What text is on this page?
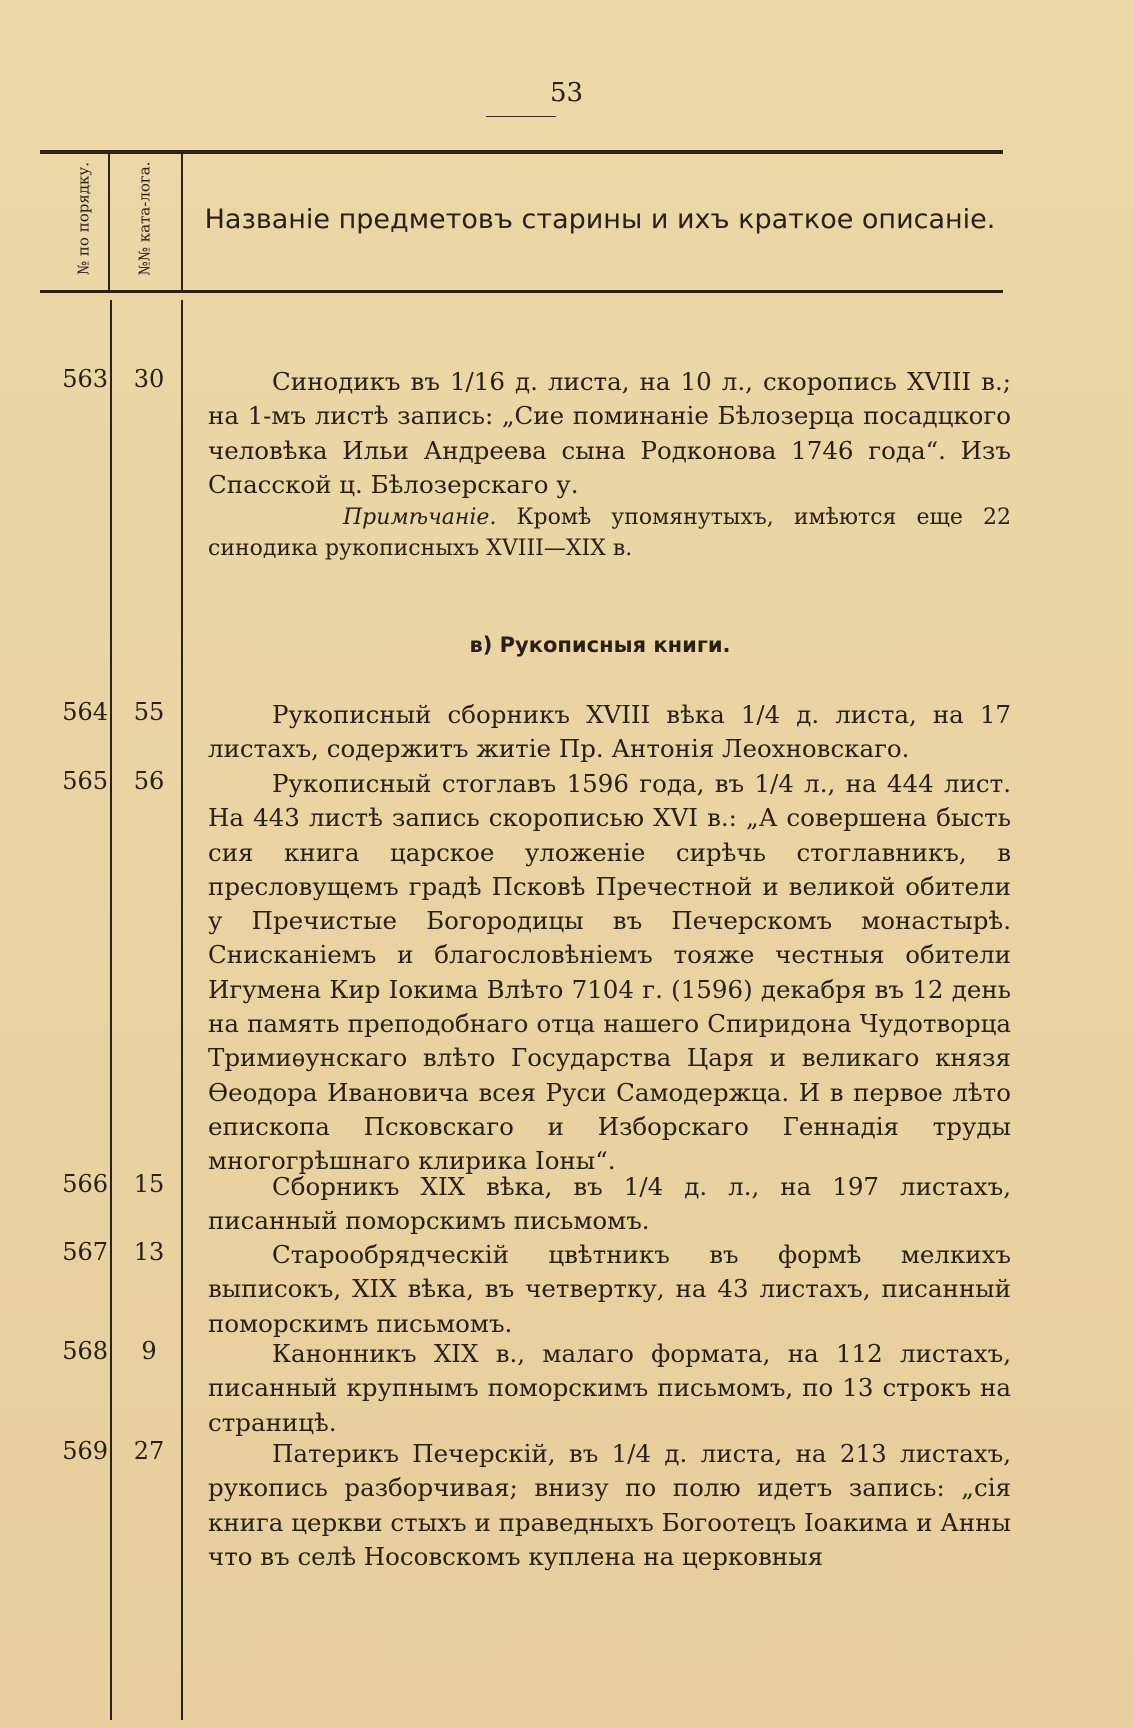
53
№ по порядку.	№№ ката-лога.	Названіе предметовъ старины и ихъ краткое описаніе.
563	30	Синодикъ въ 1/16 д. листа, на 10 л., скоропись XVIII в.; на 1-мъ листѣ запись: „Сие поминаніе Бѣлозерца посадцкого человѣка Ильи Андреева сына Родконова 1746 года“. Изъ Спасской ц. Бѣлозерскаго у.
Примѣчаніе. Кромѣ упомянутыхъ, имѣются еще 22 синодика рукописныхъ XVIII—XIX в.
в) Рукописныя книги.
564	55	Рукописный сборникъ XVIII вѣка 1/4 д. листа, на 17 листахъ, содержитъ житіе Пр. Антонія Леохновскаго.
565	56	Рукописный стоглавъ 1596 года, въ 1/4 л., на 444 лист. На 443 листѣ запись скорописью XVI в.: „А совершена бысть сия книга царское уложеніе сирѣчь стоглавникъ, в пресловущемъ градѣ Псковѣ Пречестной и великой обители у Пречистые Богородицы въ Печерскомъ монастырѣ. Снисканіемъ и благословѣніемъ тояже честныя обители Игумена Кир Іокима Влѣто 7104 г. (1596) декабря въ 12 день на память преподобнаго отца нашего Спиридона Чудотворца Тримиѳунскаго влѣто Государства Царя и великаго князя Ѳеодора Ивановича всея Руси Самодержца. И в первое лѣто епископа Псковскаго и Изборскаго Геннадія труды многогрѣшнаго клирика Іоны“.
566	15	Сборникъ XIX вѣка, въ 1/4 д. л., на 197 листахъ, писанный поморскимъ письмомъ.
567	13	Старообрядческій цвѣтникъ въ формѣ мелкихъ выписокъ, XIX вѣка, въ четвертку, на 43 листахъ, писанный поморскимъ письмомъ.
568	9	Канонникъ XIX в., малаго формата, на 112 листахъ, писанный крупнымъ поморскимъ письмомъ, по 13 строкъ на страницѣ.
569	27	Патерикъ Печерскій, въ 1/4 д. листа, на 213 листахъ, рукопись разборчивая; внизу по полю идетъ запись: „сія книга церкви стыхъ и праведныхъ Богоотецъ Іоакима и Анны что въ селѣ Носовскомъ куплена на церковныя
